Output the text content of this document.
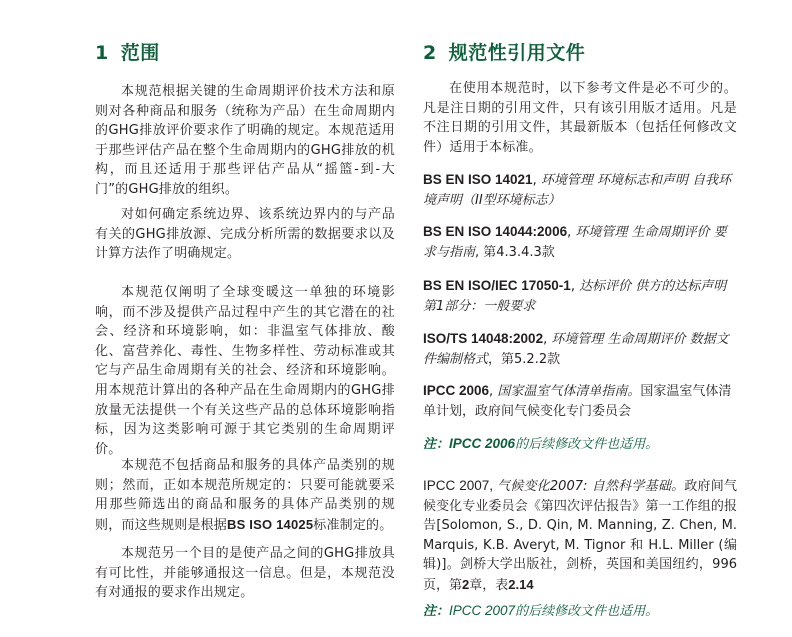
1 范围

本规范根据关键的生命周期评价技术方法和原则对各种商品和服务（统称为产品）在生命周期内的GHG排放评价要求作了明确的规定。本规范适用于那些评估产品在整个生命周期内的GHG排放的机构，而且还适用于那些评估产品从“摇篮-到-大门”的GHG排放的组织。

对如何确定系统边界、该系统边界内的与产品有关的GHG排放源、完成分析所需的数据要求以及计算方法作了明确规定。

本规范仅阐明了全球变暖这一单独的环境影响，而不涉及提供产品过程中产生的其它潜在的社会、经济和环境影响，如：非温室气体排放、酸化、富营养化、毒性、生物多样性、劳动标准或其它与产品生命周期有关的社会、经济和环境影响。用本规范计算出的各种产品在生命周期内的GHG排放量无法提供一个有关这些产品的总体环境影响指标，因为这类影响可源于其它类别的生命周期评价。

本规范不包括商品和服务的具体产品类别的规则；然而，正如本规范所规定的：只要可能就要采用那些筛选出的商品和服务的具体产品类别的规则，而这些规则是根据BS ISO 14025标准制定的。

本规范另一个目的是使产品之间的GHG排放具有可比性，并能够通报这一信息。但是，本规范没有对通报的要求作出规定。

2 规范性引用文件

在使用本规范时，以下参考文件是必不可少的。凡是注日期的引用文件，只有该引用版才适用。凡是不注日期的引用文件，其最新版本（包括任何修改文件）适用于本标准。

BS EN ISO 14021, 环境管理 环境标志和声明 自我环境声明（II型环境标志）

BS EN ISO 14044:2006, 环境管理 生命周期评价 要求与指南, 第4.3.4.3款

BS EN ISO/IEC 17050-1, 达标评价 供方的达标声明 第1部分：一般要求

ISO/TS 14048:2002, 环境管理 生命周期评价 数据文件编制格式，第5.2.2款

IPCC 2006, 国家温室气体清单指南。国家温室气体清单计划，政府间气候变化专门委员会

注：IPCC 2006的后续修改文件也适用。

IPCC 2007, 气候变化2007: 自然科学基础。政府间气候变化专业委员会《第四次评估报告》第一工作组的报告[Solomon, S., D. Qin, M. Manning, Z. Chen, M. Marquis, K.B. Averyt, M. Tignor 和 H.L. Miller (编辑)]。剑桥大学出版社，剑桥，英国和美国纽约，996页，第2章，表2.14

注：IPCC 2007的后续修改文件也适用。
